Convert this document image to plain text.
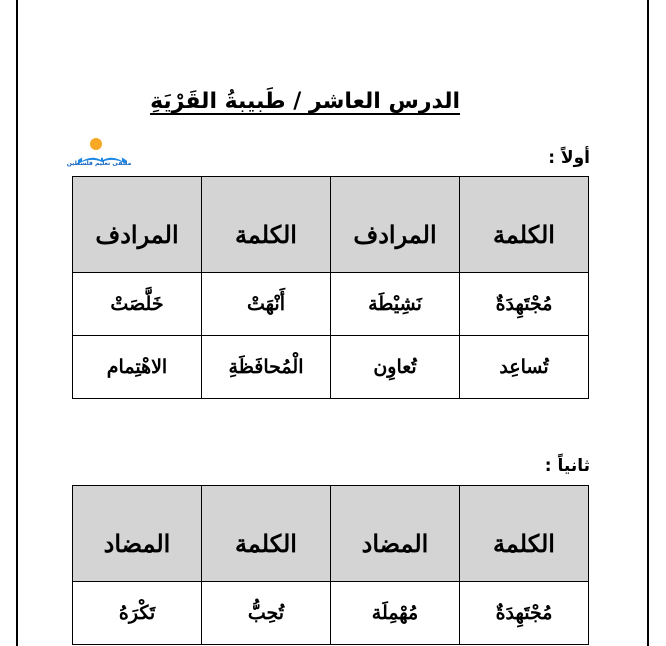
الدرس العاشر / طَبيبةُ القَرْيَةِ
ملتقى تعليم فلسطين	أولاً :
الكلمة	المرادف	الكلمة	المرادف
مُجْتَهِدَةٌ	نَشِيْطَة	أَنْهَتْ	خَلَّصَتْ
تُساعِد	تُعاوِن	الْمُحافَظَةِ	الاهْتِمام
ثانياً :
الكلمة	المضاد	الكلمة	المضاد
مُجْتَهِدَةٌ	مُهْمِلَة	تُحِبُّ	تَكْرَهُ
